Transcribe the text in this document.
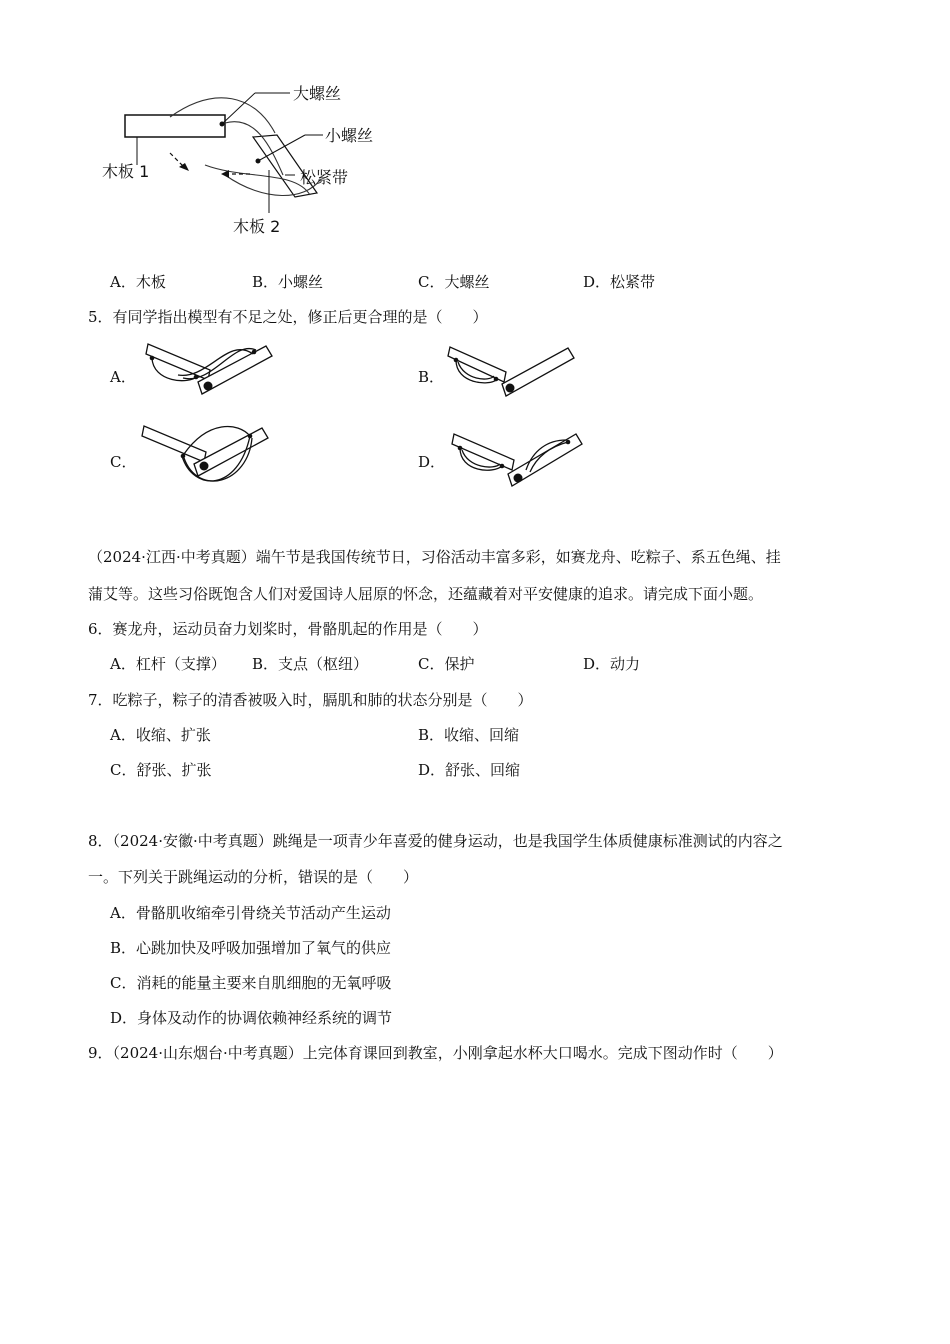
大螺丝
小螺丝
松紧带
木板 1
木板 2
A．木板	B．小螺丝	C．大螺丝	D．松紧带
5．有同学指出模型有不足之处，修正后更合理的是（　　）
A．	B．
C．	D．
（2024·江西·中考真题）端午节是我国传统节日，习俗活动丰富多彩，如赛龙舟、吃粽子、系五色绳、挂
蒲艾等。这些习俗既饱含人们对爱国诗人屈原的怀念，还蕴藏着对平安健康的追求。请完成下面小题。
6．赛龙舟，运动员奋力划桨时，骨骼肌起的作用是（　　）
A．杠杆（支撑） B．支点（枢纽）	C．保护	D．动力
7．吃粽子，粽子的清香被吸入时，膈肌和肺的状态分别是（　　）
A．收缩、扩张	B．收缩、回缩
C．舒张、扩张	D．舒张、回缩
8．（2024·安徽·中考真题）跳绳是一项青少年喜爱的健身运动，也是我国学生体质健康标准测试的内容之
一。下列关于跳绳运动的分析，错误的是（　　）
A．骨骼肌收缩牵引骨绕关节活动产生运动
B．心跳加快及呼吸加强增加了氧气的供应
C．消耗的能量主要来自肌细胞的无氧呼吸
D．身体及动作的协调依赖神经系统的调节
9．（2024·山东烟台·中考真题）上完体育课回到教室，小刚拿起水杯大口喝水。完成下图动作时（　　）
